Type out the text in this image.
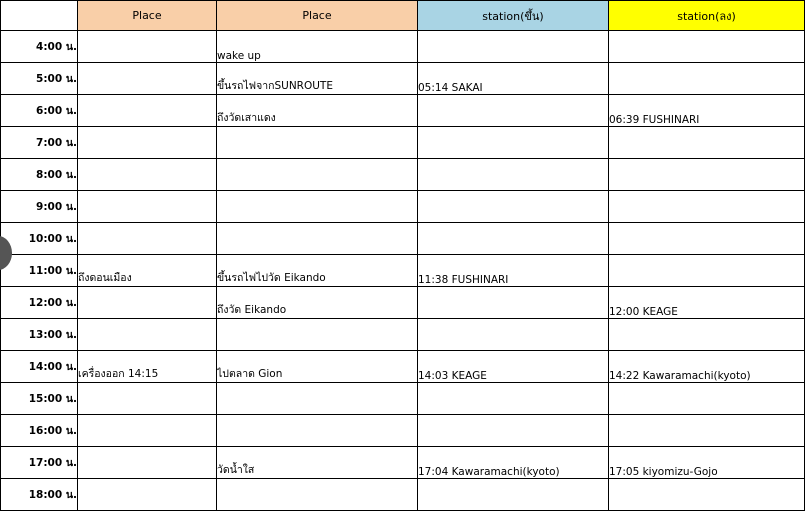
	Place	Place	station(ขึ้น)	station(ลง)
4:00 น.		wake up		
5:00 น.		ขึ้นรถไฟจากSUNROUTE	05:14 SAKAI	
6:00 น.		ถึงวัดเสาแดง		06:39 FUSHINARI
7:00 น.				
8:00 น.				
9:00 น.				
10:00 น.				
11:00 น.	ถึงดอนเมือง	ขึ้นรถไฟไปวัด Eikando	11:38 FUSHINARI	
12:00 น.		ถึงวัด Eikando		12:00 KEAGE
13:00 น.				
14:00 น.	เครื่องออก 14:15	ไปตลาด Gion	14:03 KEAGE	14:22 Kawaramachi(kyoto)
15:00 น.				
16:00 น.				
17:00 น.		วัดน้ำใส	17:04 Kawaramachi(kyoto)	17:05 kiyomizu-Gojo
18:00 น.				
